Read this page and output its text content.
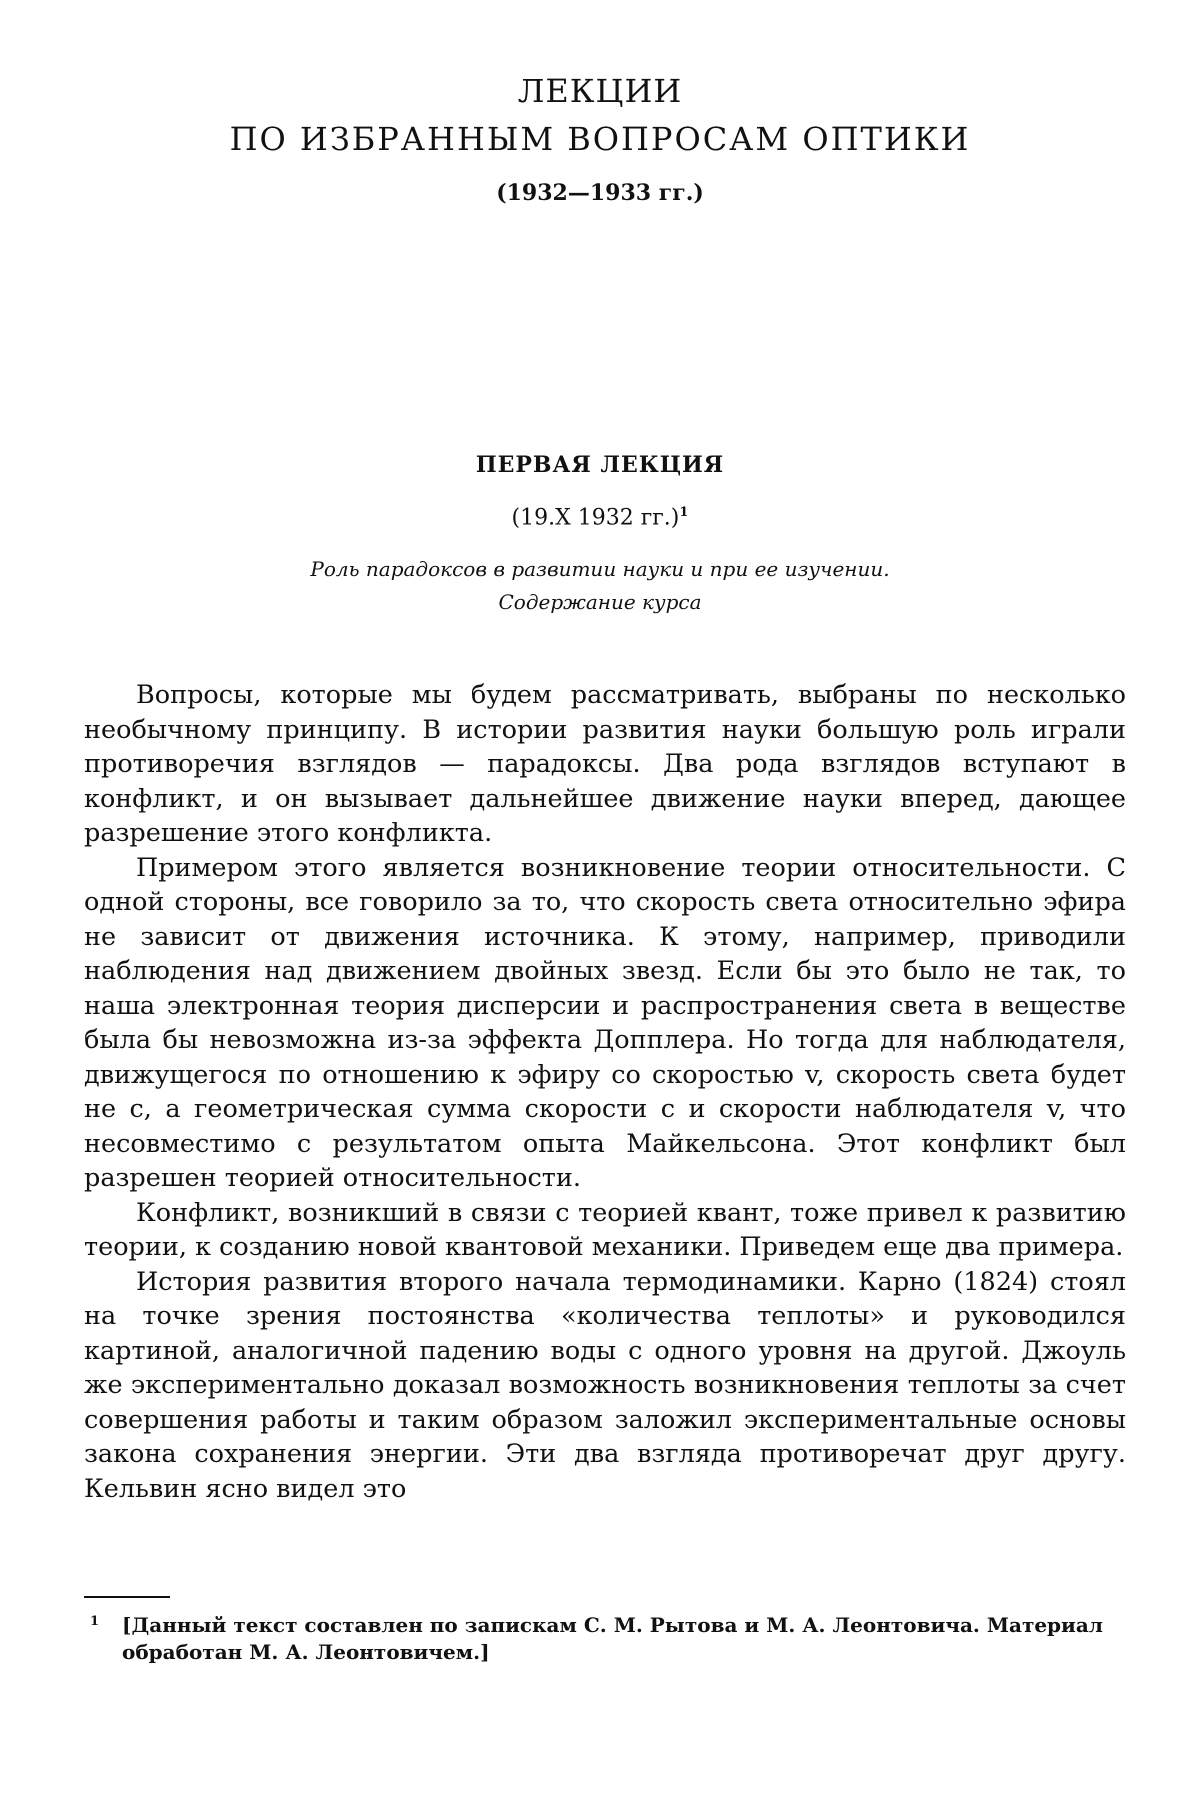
ЛЕКЦИИ
ПО ИЗБРАННЫМ ВОПРОСАМ ОПТИКИ
(1932—1933 гг.)
ПЕРВАЯ ЛЕКЦИЯ
(19.X 1932 гг.)$^1$
Роль парадоксов в развитии науки и при ее изучении.
Содержание курса

Вопросы, которые мы будем рассматривать, выбраны по несколько необычному принципу. В истории развития науки большую роль играли противоречия взглядов — парадоксы. Два рода взглядов вступают в конфликт, и он вызывает дальнейшее движение науки вперед, дающее разрешение этого конфликта.

Примером этого является возникновение теории относительности. С одной стороны, все говорило за то, что скорость света относительно эфира не зависит от движения источника. К этому, например, приводили наблюдения над движением двойных звезд. Если бы это было не так, то наша электронная теория дисперсии и распространения света в веществе была бы невозможна из-за эффекта Допплера. Но тогда для наблюдателя, движущегося по отношению к эфиру со скоростью v, скорость света будет не c, а геометрическая сумма скорости c и скорости наблюдателя v, что несовместимо с результатом опыта Майкельсона. Этот конфликт был разрешен теорией относительности.

Конфликт, возникший в связи с теорией квант, тоже привел к развитию теории, к созданию новой квантовой механики. Приведем еще два примера.

История развития второго начала термодинамики. Карно (1824) стоял на точке зрения постоянства «количества теплоты» и руководился картиной, аналогичной падению воды с одного уровня на другой. Джоуль же экспериментально доказал возможность возникновения теплоты за счет совершения работы и таким образом заложил экспериментальные основы закона сохранения энергии. Эти два взгляда противоречат друг другу. Кельвин ясно видел это

1 [Данный текст составлен по запискам С. М. Рытова и М. А. Леонтовича. Материал обработан М. А. Леонтовичем.]
